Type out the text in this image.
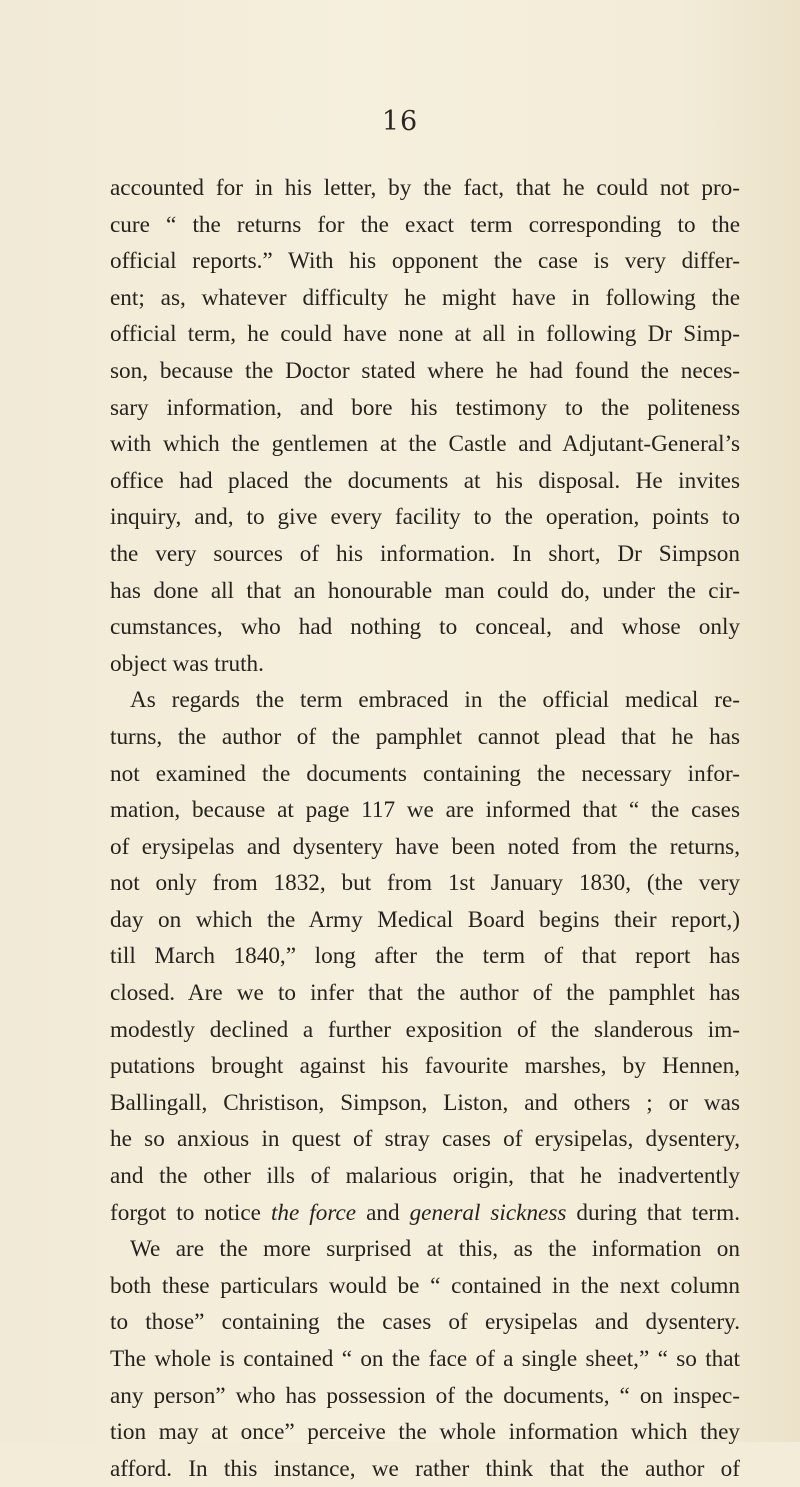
16
accounted for in his letter, by the fact, that he could not pro-
cure “ the returns for the exact term corresponding to the
official reports.” With his opponent the case is very differ-
ent; as, whatever difficulty he might have in following the
official term, he could have none at all in following Dr Simp-
son, because the Doctor stated where he had found the neces-
sary information, and bore his testimony to the politeness
with which the gentlemen at the Castle and Adjutant-General’s
office had placed the documents at his disposal. He invites
inquiry, and, to give every facility to the operation, points to
the very sources of his information. In short, Dr Simpson
has done all that an honourable man could do, under the cir-
cumstances, who had nothing to conceal, and whose only
object was truth.
As regards the term embraced in the official medical re-
turns, the author of the pamphlet cannot plead that he has
not examined the documents containing the necessary infor-
mation, because at page 117 we are informed that “ the cases
of erysipelas and dysentery have been noted from the returns,
not only from 1832, but from 1st January 1830, (the very
day on which the Army Medical Board begins their report,)
till March 1840,” long after the term of that report has
closed. Are we to infer that the author of the pamphlet has
modestly declined a further exposition of the slanderous im-
putations brought against his favourite marshes, by Hennen,
Ballingall, Christison, Simpson, Liston, and others ; or was
he so anxious in quest of stray cases of erysipelas, dysentery,
and the other ills of malarious origin, that he inadvertently
forgot to notice the force and general sickness during that term.
We are the more surprised at this, as the information on
both these particulars would be “ contained in the next column
to those” containing the cases of erysipelas and dysentery.
The whole is contained “ on the face of a single sheet,” “ so that
any person” who has possession of the documents, “ on inspec-
tion may at once” perceive the whole information which they
afford. In this instance, we rather think that the author of
